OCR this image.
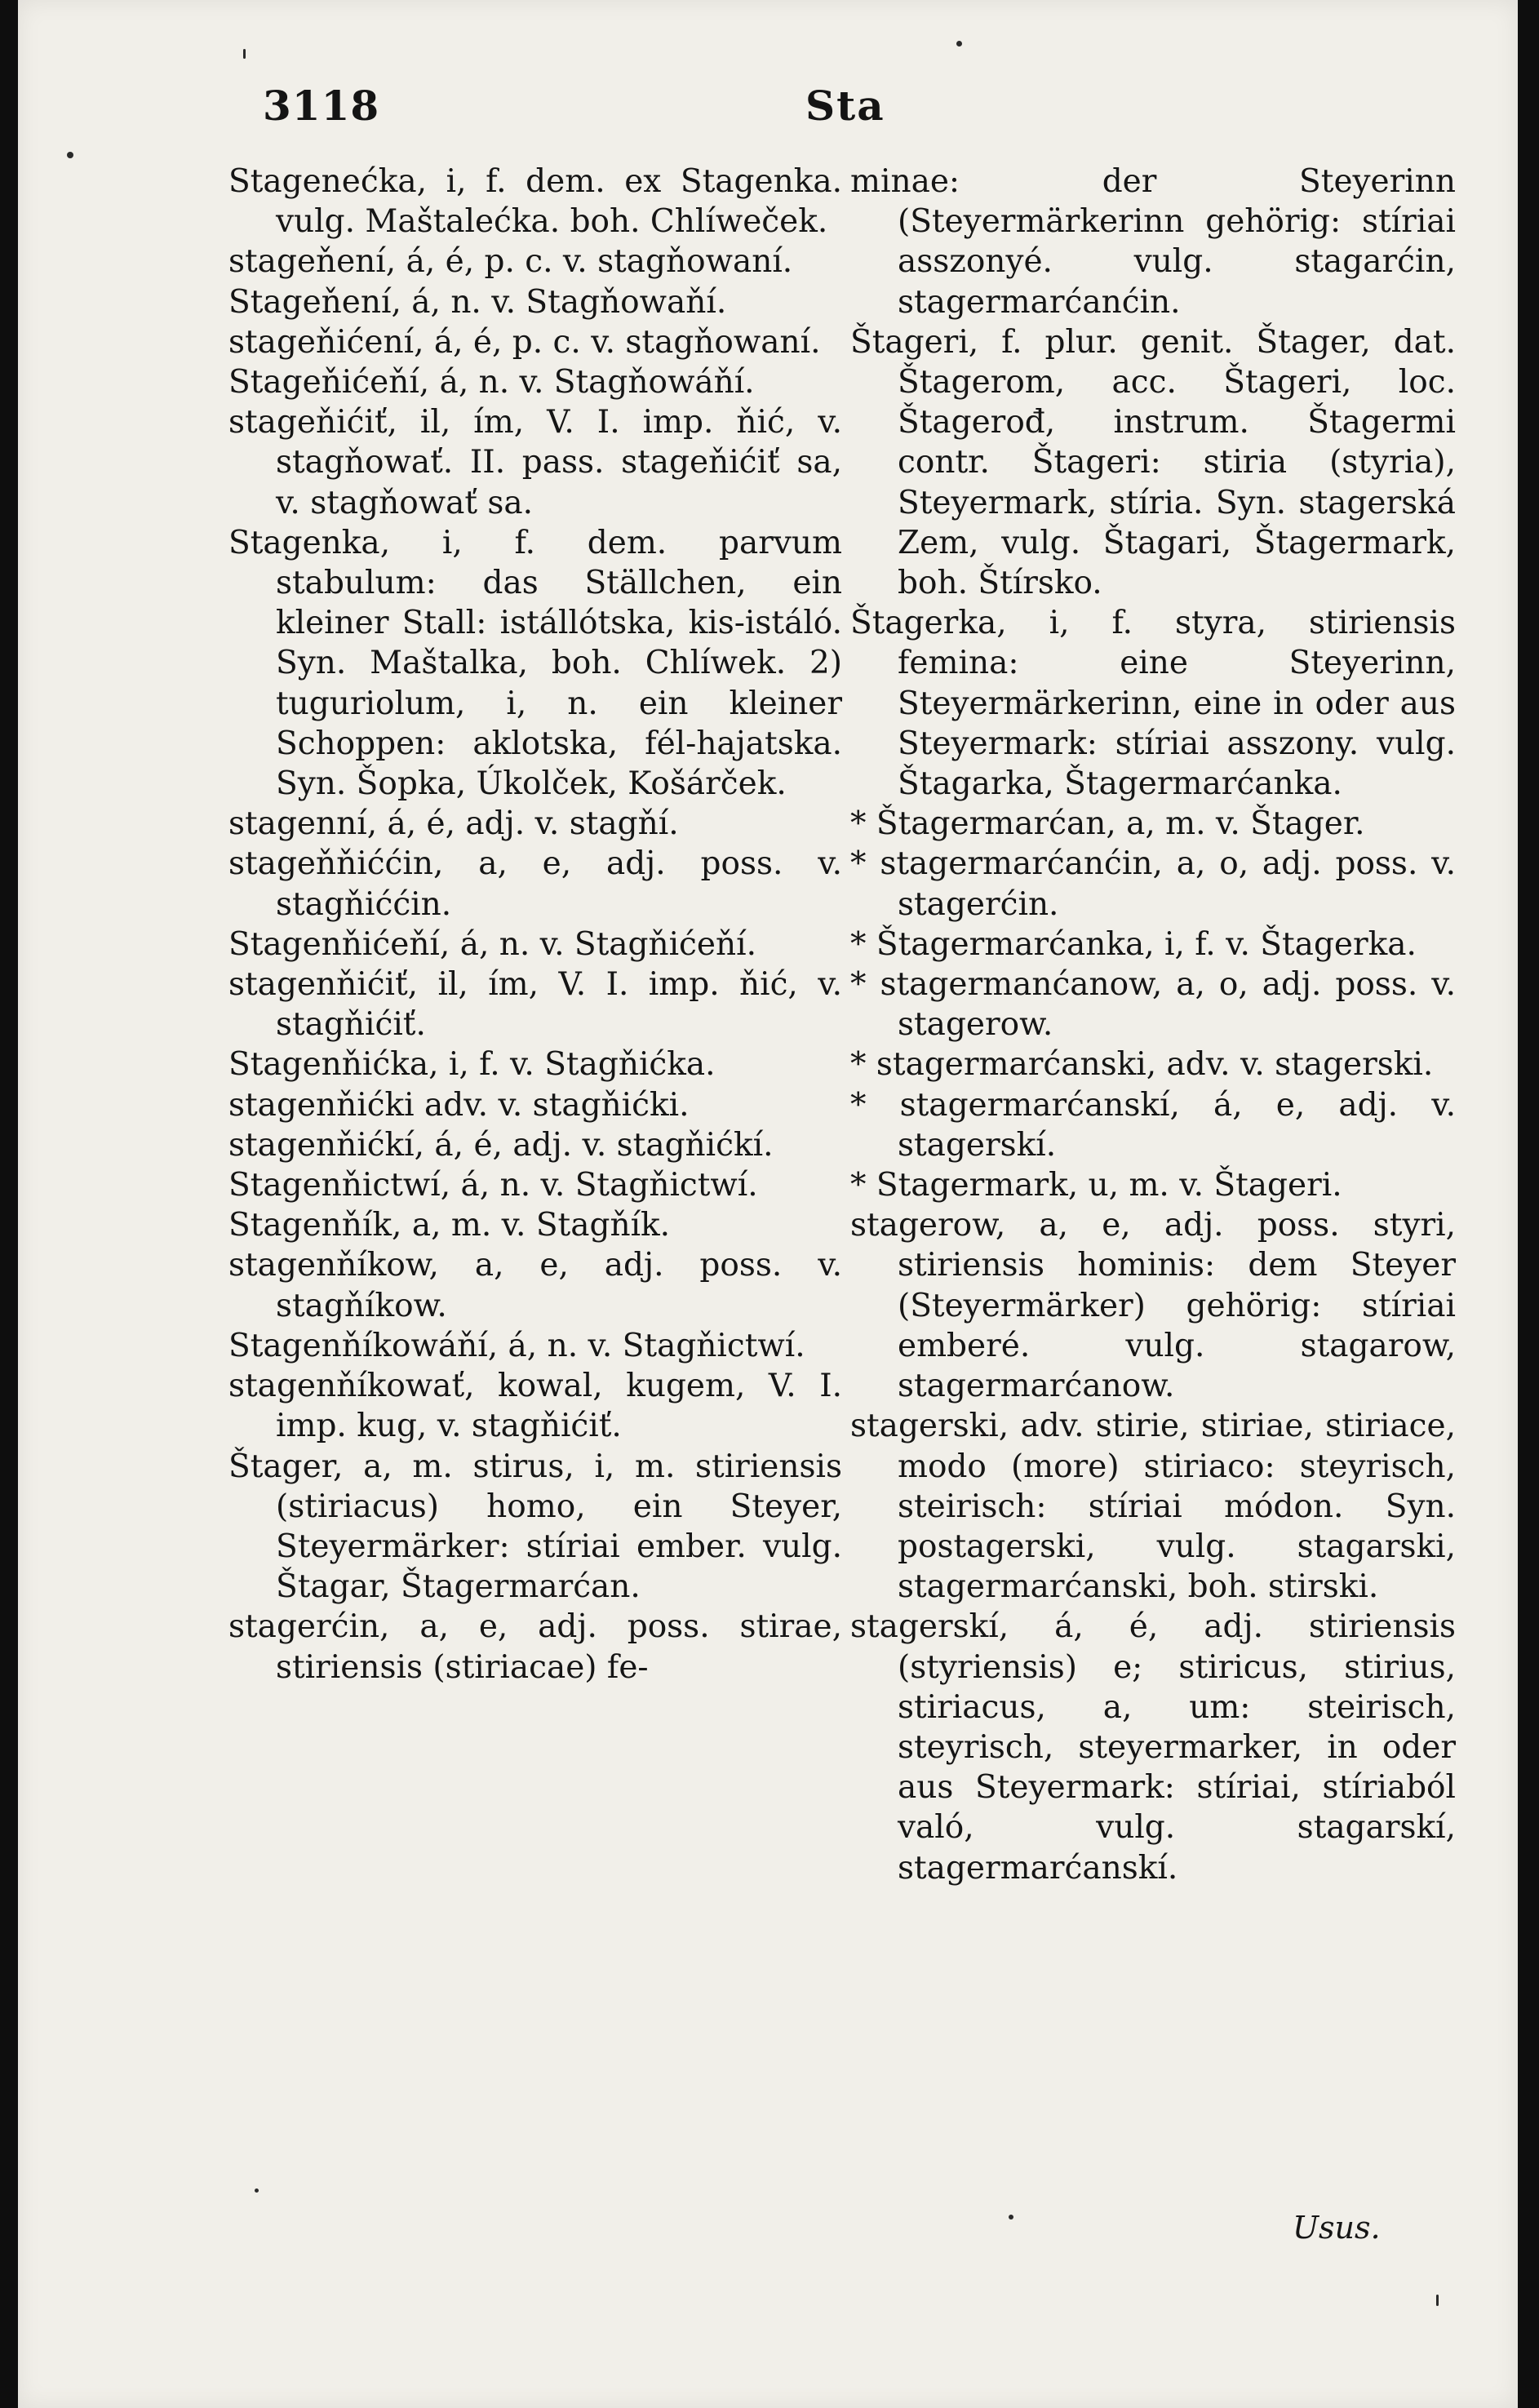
3118	Sta

Stagenećka, i, f. dem. ex Stagenka. vulg. Maštalećka. boh. Chlíweček.

stageňení, á, é, p. c. v. stagňowaní.

Stageňení, á, n. v. Stagňowaňí.

stageňićení, á, é, p. c. v. stagňowaní.

Stageňićeňí, á, n. v. Stagňowáňí.

stageňićiť, il, ím, V. I. imp. ňić, v. stagňowať. II. pass. stageňićiť sa, v. stagňowať sa.

Stagenka, i, f. dem. parvum stabulum: das Ställchen, ein kleiner Stall: istállótska, kis-istáló. Syn. Maštalka, boh. Chlíwek. 2) tuguriolum, i, n. ein kleiner Schoppen: aklotska, fél-hajatska. Syn. Šopka, Úkolček, Košárček.

stagenní, á, é, adj. v. stagňí.

stageňňiććin, a, e, adj. poss. v. stagňiććin.

Stagenňićeňí, á, n. v. Stagňićeňí.

stagenňićiť, il, ím, V. I. imp. ňić, v. stagňićiť.

Stagenňićka, i, f. v. Stagňićka.

stagenňićki adv. v. stagňićki.

stagenňićkí, á, é, adj. v. stagňićkí.

Stagenňictwí, á, n. v. Stagňictwí.

Stagenňík, a, m. v. Stagňík.

stagenňíkow, a, e, adj. poss. v. stagňíkow.

Stagenňíkowáňí, á, n. v. Stagňictwí.

stagenňíkowať, kowal, kugem, V. I. imp. kug, v. stagňićiť.

Štager, a, m. stirus, i, m. stiriensis (stiriacus) homo, ein Steyer, Steyermärker: stíriai ember. vulg. Štagar, Štagermarćan.

stagerćin, a, e, adj. poss. stirae, stiriensis (stiriacae) fe-

minae: der Steyerinn (Steyermärkerinn gehörig: stíriai asszonyé. vulg. stagarćin, stagermarćanćin.

Štageri, f. plur. genit. Štager, dat. Štagerom, acc. Štageri, loc. Štagerođ, instrum. Štagermi contr. Štageri: stiria (styria), Steyermark, stíria. Syn. stagerská Zem, vulg. Štagari, Štagermark, boh. Štírsko.

Štagerka, i, f. styra, stiriensis femina: eine Steyerinn, Steyermärkerinn, eine in oder aus Steyermark: stíriai asszony. vulg. Štagarka, Štagermarćanka.

* Štagermarćan, a, m. v. Štager.

* stagermarćanćin, a, o, adj. poss. v. stagerćin.

* Štagermarćanka, i, f. v. Štagerka.

* stagermanćanow, a, o, adj. poss. v. stagerow.

* stagermarćanski, adv. v. stagerski.

* stagermarćanskí, á, e, adj. v. stagerskí.

* Stagermark, u, m. v. Štageri.

stagerow, a, e, adj. poss. styri, stiriensis hominis: dem Steyer (Steyermärker) gehörig: stíriai emberé. vulg. stagarow, stagermarćanow.

stagerski, adv. stirie, stiriae, stiriace, modo (more) stiriaco: steyrisch, steirisch: stíriai módon. Syn. postagerski, vulg. stagarski, stagermarćanski, boh. stirski.

stagerskí, á, é, adj. stiriensis (styriensis) e; stiricus, stirius, stiriacus, a, um: steirisch, steyrisch, steyermarker, in oder aus Steyermark: stíriai, stíriaból való, vulg. stagarskí, stagermarćanskí.

Usus.
